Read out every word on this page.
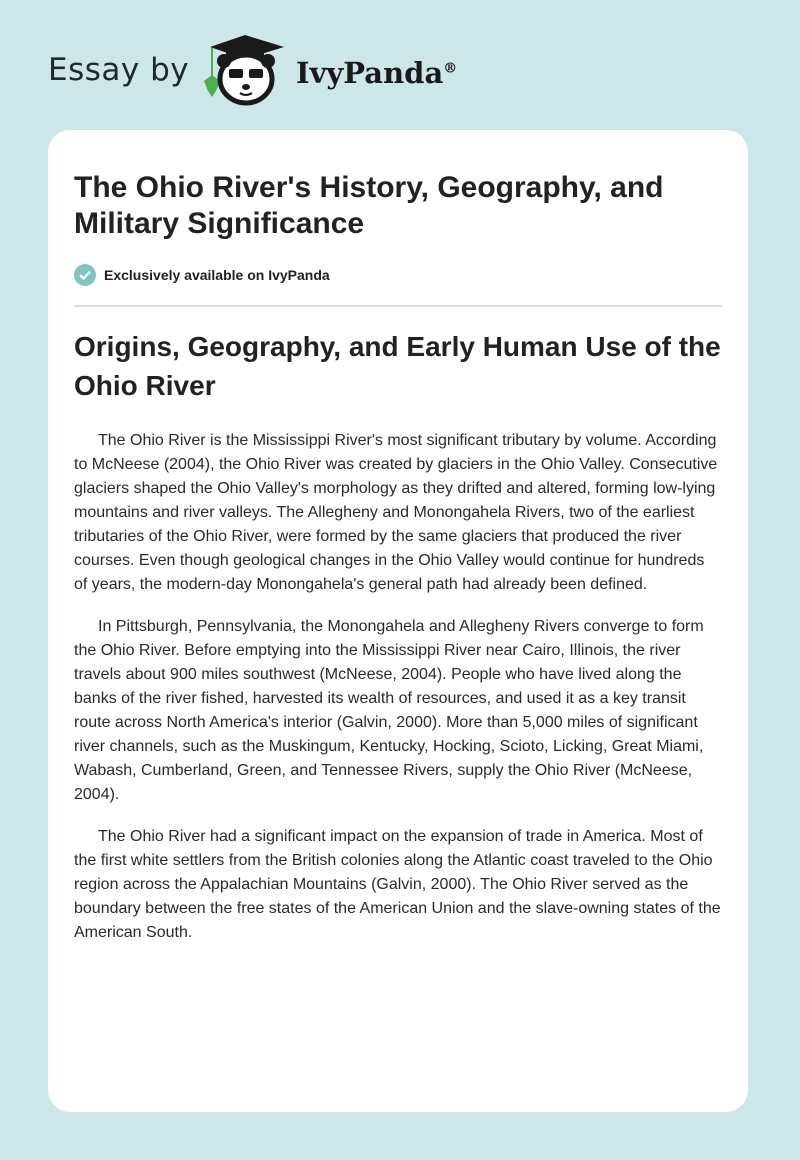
Essay by	IvyPanda®
The Ohio River's History, Geography, and Military Significance
Exclusively available on IvyPanda
Origins, Geography, and Early Human Use of the Ohio River

The Ohio River is the Mississippi River's most significant tributary by volume. According to McNeese (2004), the Ohio River was created by glaciers in the Ohio Valley. Consecutive glaciers shaped the Ohio Valley's morphology as they drifted and altered, forming low-lying mountains and river valleys. The Allegheny and Monongahela Rivers, two of the earliest tributaries of the Ohio River, were formed by the same glaciers that produced the river courses. Even though geological changes in the Ohio Valley would continue for hundreds of years, the modern-day Monongahela's general path had already been defined.

In Pittsburgh, Pennsylvania, the Monongahela and Allegheny Rivers converge to form the Ohio River. Before emptying into the Mississippi River near Cairo, Illinois, the river travels about 900 miles southwest (McNeese, 2004). People who have lived along the banks of the river fished, harvested its wealth of resources, and used it as a key transit route across North America's interior (Galvin, 2000). More than 5,000 miles of significant river channels, such as the Muskingum, Kentucky, Hocking, Scioto, Licking, Great Miami, Wabash, Cumberland, Green, and Tennessee Rivers, supply the Ohio River (McNeese, 2004).

The Ohio River had a significant impact on the expansion of trade in America. Most of the first white settlers from the British colonies along the Atlantic coast traveled to the Ohio region across the Appalachian Mountains (Galvin, 2000). The Ohio River served as the boundary between the free states of the American Union and the slave-owning states of the American South.
